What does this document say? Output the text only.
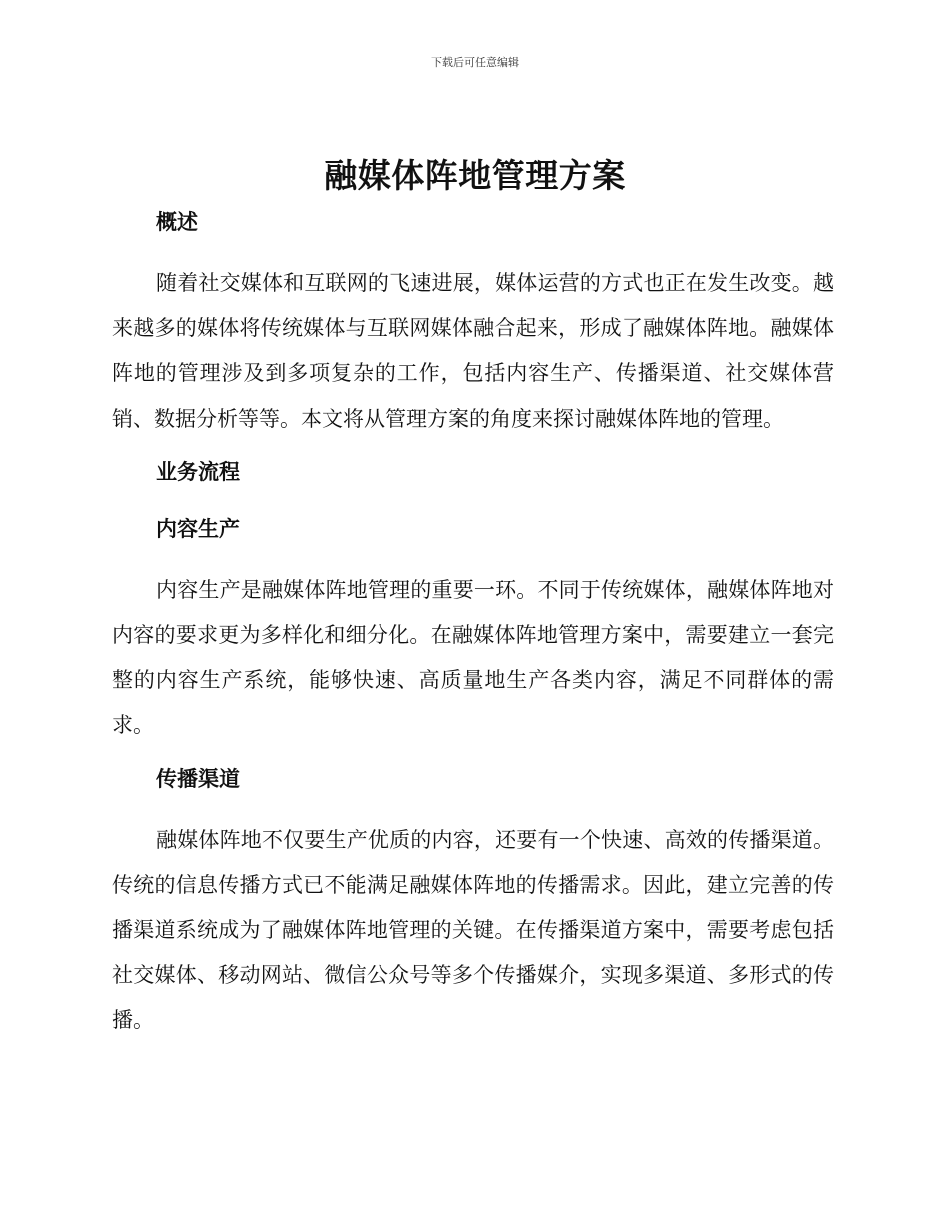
下载后可任意编辑
融媒体阵地管理方案
概述

随着社交媒体和互联网的飞速进展，媒体运营的方式也正在发生改变。越来越多的媒体将传统媒体与互联网媒体融合起来，形成了融媒体阵地。融媒体阵地的管理涉及到多项复杂的工作，包括内容生产、传播渠道、社交媒体营销、数据分析等等。本文将从管理方案的角度来探讨融媒体阵地的管理。

业务流程
内容生产

内容生产是融媒体阵地管理的重要一环。不同于传统媒体，融媒体阵地对内容的要求更为多样化和细分化。在融媒体阵地管理方案中，需要建立一套完整的内容生产系统，能够快速、高质量地生产各类内容，满足不同群体的需求。

传播渠道

融媒体阵地不仅要生产优质的内容，还要有一个快速、高效的传播渠道。传统的信息传播方式已不能满足融媒体阵地的传播需求。因此，建立完善的传播渠道系统成为了融媒体阵地管理的关键。在传播渠道方案中，需要考虑包括社交媒体、移动网站、微信公众号等多个传播媒介，实现多渠道、多形式的传播。
